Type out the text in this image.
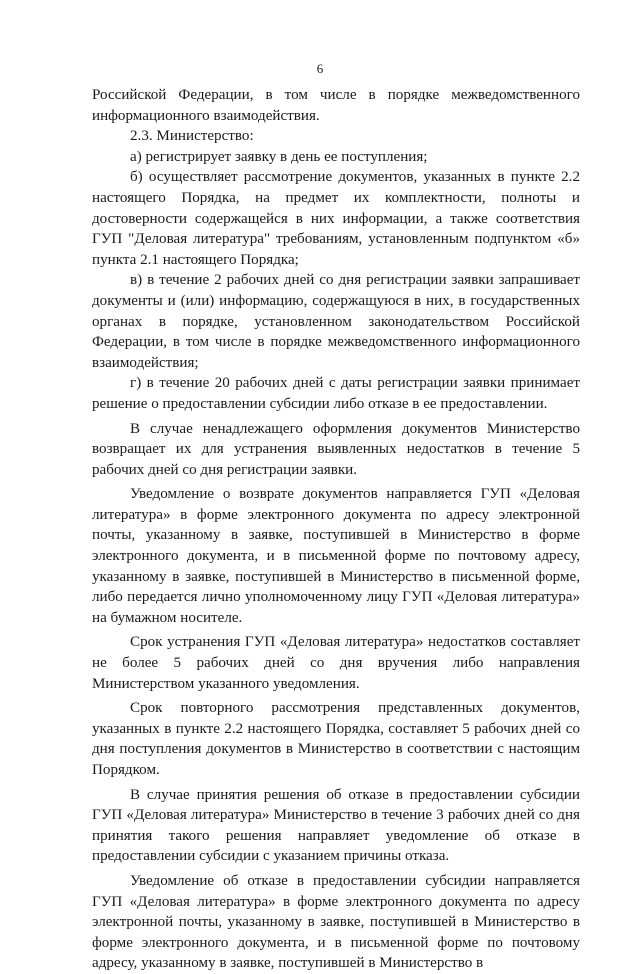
6

Российской Федерации, в том числе в порядке межведомственного информационного взаимодействия.

2.3. Министерство:

а) регистрирует заявку в день ее поступления;

б) осуществляет рассмотрение документов, указанных в пункте 2.2 настоящего Порядка, на предмет их комплектности, полноты и достоверности содержащейся в них информации, а также соответствия ГУП "Деловая литература" требованиям, установленным подпунктом «б» пункта 2.1 настоящего Порядка;

в) в течение 2 рабочих дней со дня регистрации заявки запрашивает документы и (или) информацию, содержащуюся в них, в государственных органах в порядке, установленном законодательством Российской Федерации, в том числе в порядке межведомственного информационного взаимодействия;

г) в течение 20 рабочих дней с даты регистрации заявки принимает решение о предоставлении субсидии либо отказе в ее предоставлении.

В случае ненадлежащего оформления документов Министерство возвращает их для устранения выявленных недостатков в течение 5 рабочих дней со дня регистрации заявки.

Уведомление о возврате документов направляется ГУП «Деловая литература» в форме электронного документа по адресу электронной почты, указанному в заявке, поступившей в Министерство в форме электронного документа, и в письменной форме по почтовому адресу, указанному в заявке, поступившей в Министерство в письменной форме, либо передается лично уполномоченному лицу ГУП «Деловая литература» на бумажном носителе.

Срок устранения ГУП «Деловая литература» недостатков составляет не более 5 рабочих дней со дня вручения либо направления Министерством указанного уведомления.

Срок повторного рассмотрения представленных документов, указанных в пункте 2.2 настоящего Порядка, составляет 5 рабочих дней со дня поступления документов в Министерство в соответствии с настоящим Порядком.

В случае принятия решения об отказе в предоставлении субсидии ГУП «Деловая литература» Министерство в течение 3 рабочих дней со дня принятия такого решения направляет уведомление об отказе в предоставлении субсидии с указанием причины отказа.

Уведомление об отказе в предоставлении субсидии направляется ГУП «Деловая литература» в форме электронного документа по адресу электронной почты, указанному в заявке, поступившей в Министерство в форме электронного документа, и в письменной форме по почтовому адресу, указанному в заявке, поступившей в Министерство в
